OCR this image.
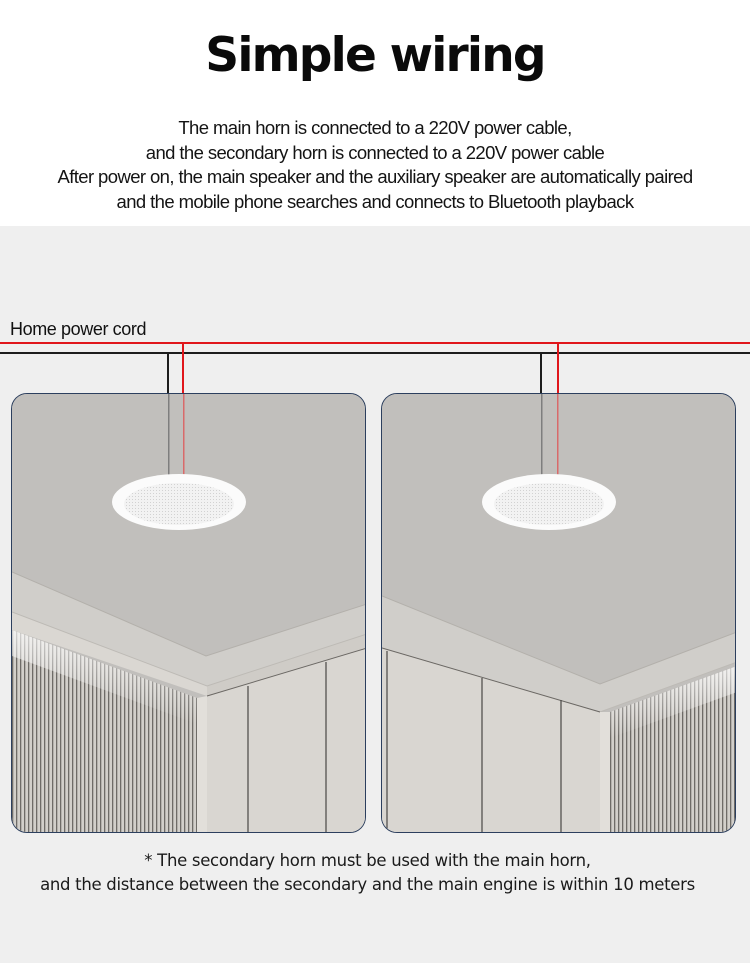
Simple wiring
The main horn is connected to a 220V power cable,
and the secondary horn is connected to a 220V power cable
After power on, the main speaker and the auxiliary speaker are automatically paired
and the mobile phone searches and connects to Bluetooth playback
Home power cord
* The secondary horn must be used with the main horn,
and the distance between the secondary and the main engine is within 10 meters
